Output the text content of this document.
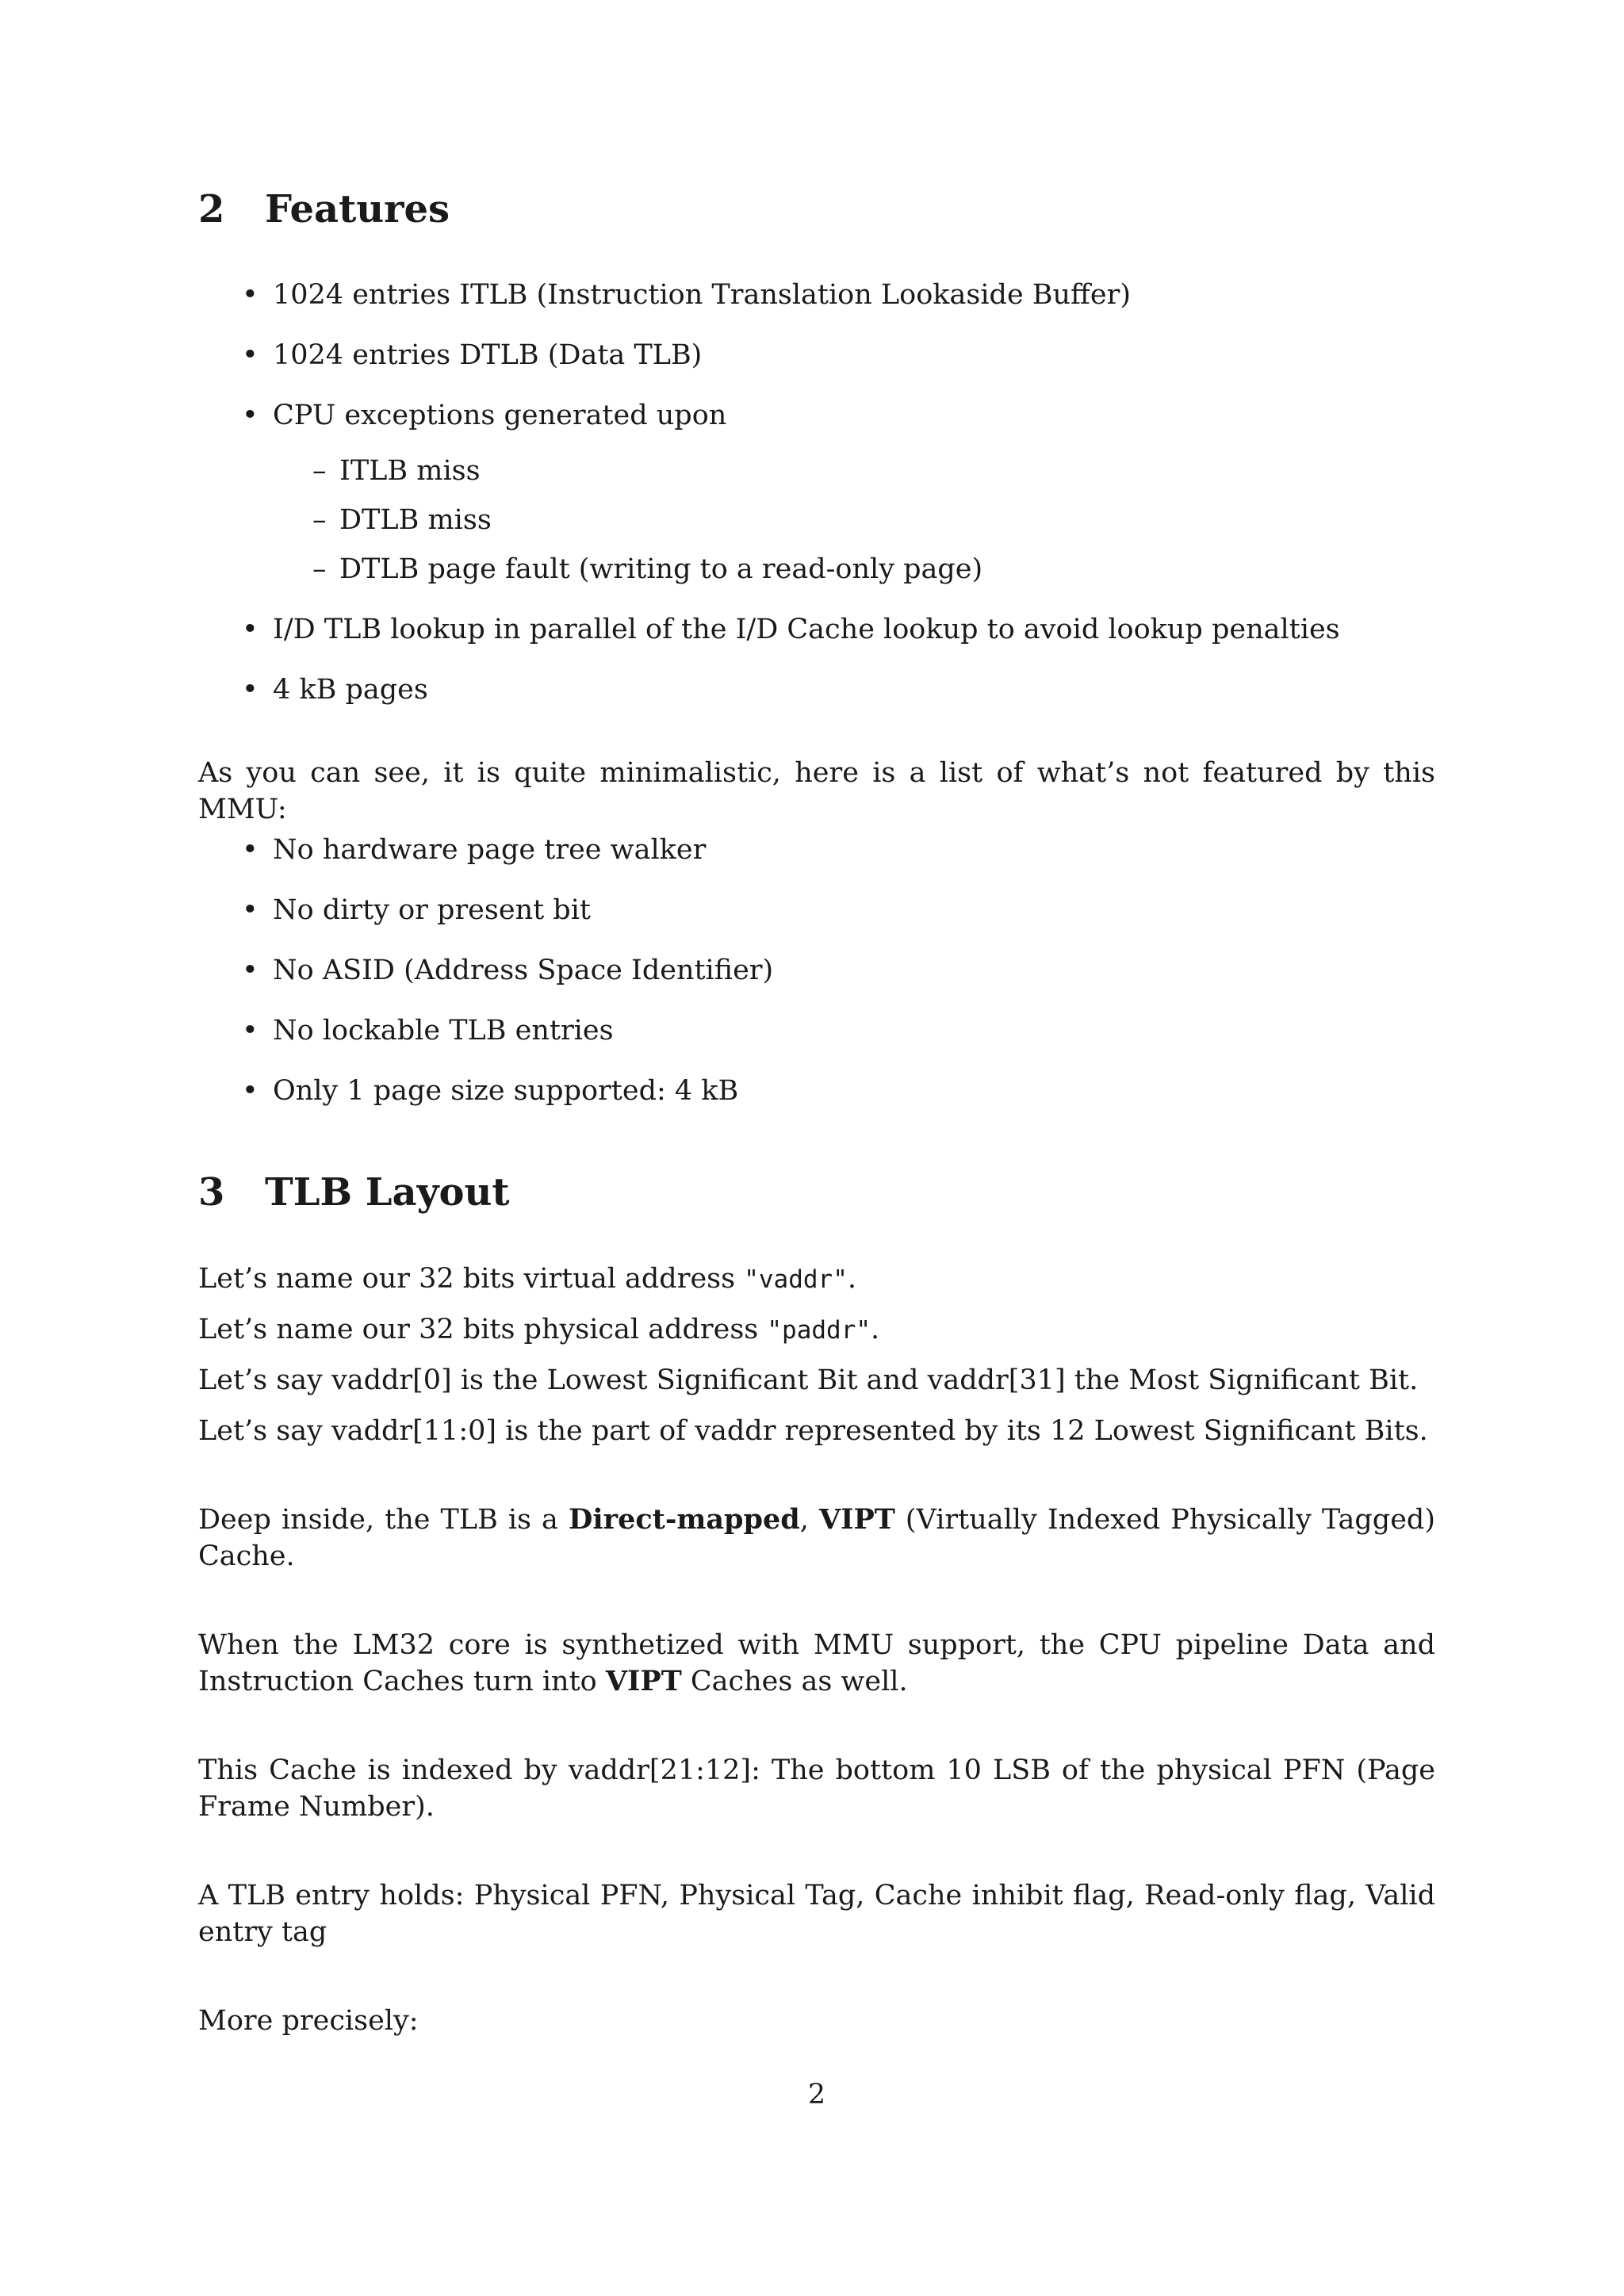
2 Features
• 1024 entries ITLB (Instruction Translation Lookaside Buffer)
• 1024 entries DTLB (Data TLB)
• CPU exceptions generated upon
– ITLB miss
– DTLB miss
– DTLB page fault (writing to a read-only page)
• I/D TLB lookup in parallel of the I/D Cache lookup to avoid lookup penalties
• 4 kB pages

As you can see, it is quite minimalistic, here is a list of what’s not featured by this MMU:

• No hardware page tree walker
• No dirty or present bit
• No ASID (Address Space Identifier)
• No lockable TLB entries
• Only 1 page size supported: 4 kB
3 TLB Layout

Let’s name our 32 bits virtual address "vaddr".

Let’s name our 32 bits physical address "paddr".

Let’s say vaddr[0] is the Lowest Significant Bit and vaddr[31] the Most Significant Bit.

Let’s say vaddr[11:0] is the part of vaddr represented by its 12 Lowest Significant Bits.

Deep inside, the TLB is a Direct-mapped, VIPT (Virtually Indexed Physically Tagged) Cache.

When the LM32 core is synthetized with MMU support, the CPU pipeline Data and Instruction Caches turn into VIPT Caches as well.

This Cache is indexed by vaddr[21:12]: The bottom 10 LSB of the physical PFN (Page Frame Number).

A TLB entry holds: Physical PFN, Physical Tag, Cache inhibit flag, Read-only flag, Valid entry tag

More precisely:

2
